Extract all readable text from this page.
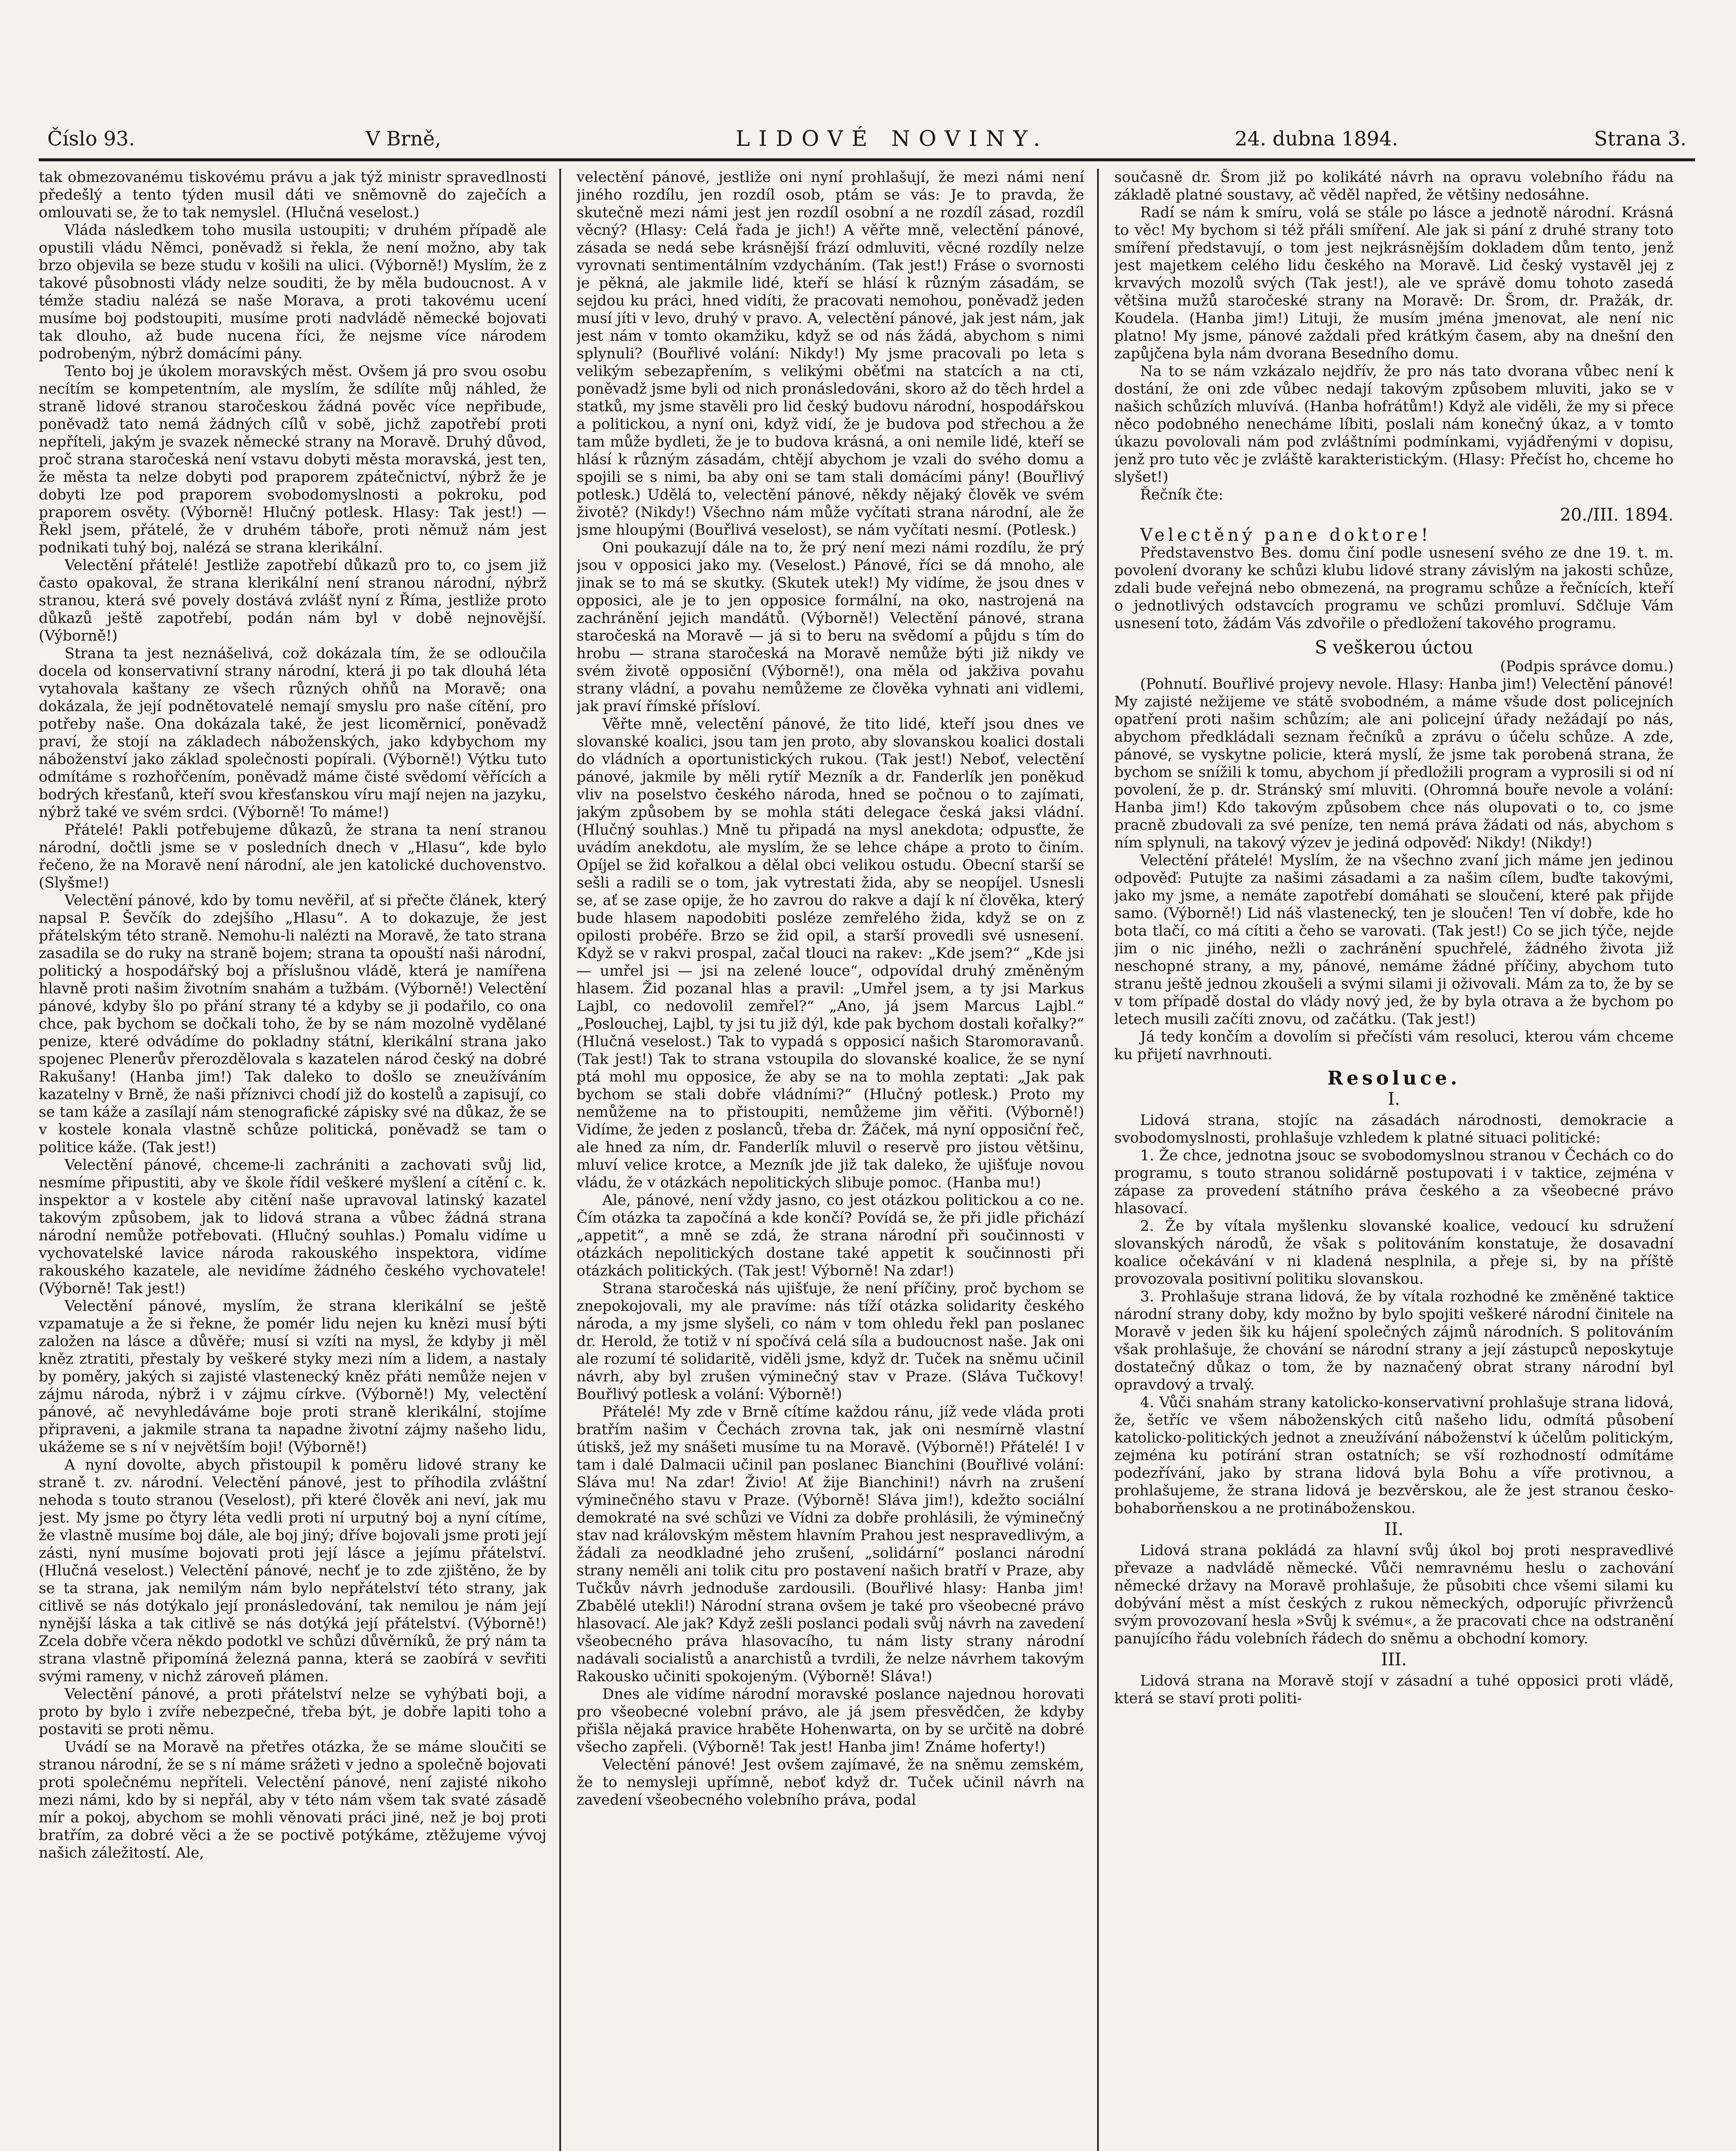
Číslo 93.	V Brně,	LIDOVÉ NOVINY.	24. dubna 1894.	Strana 3.

tak obmezovanému tiskovému právu a jak týž ministr spravedlnosti předešlý a tento týden musil dáti ve sněmovně do zaječích a omlouvati se, že to tak nemyslel. (Hlučná veselost.)

Vláda následkem toho musila ustoupiti; v druhém případě ale opustili vládu Němci, poněvadž si řekla, že není možno, aby tak brzo objevila se beze studu v košili na ulici. (Výborně!) Myslím, že z takové působnosti vlády nelze souditi, že by měla budoucnost. A v témže stadiu nalézá se naše Morava, a proti takovému ucení musíme boj podstoupiti, musíme proti nadvládě německé bojovati tak dlouho, až bude nucena říci, že nejsme více národem podrobeným, nýbrž domácími pány.

Tento boj je úkolem moravských měst. Ovšem já pro svou osobu necítím se kompetentním, ale myslím, že sdílíte můj náhled, že straně lidové stranou staročeskou žádná pověc více nepřibude, poněvadž tato nemá žádných cílů v sobě, jichž zapotřebí proti nepříteli, jakým je svazek německé strany na Moravě. Druhý důvod, proč strana staročeská není vstavu dobyti města moravská, jest ten, že města ta nelze dobyti pod praporem zpátečnictví, nýbrž že je dobyti lze pod praporem svobodomyslnosti a pokroku, pod praporem osvěty. (Výborně! Hlučný potlesk. Hlasy: Tak jest!) — Řekl jsem, přátelé, že v druhém táboře, proti němuž nám jest podnikati tuhý boj, nalézá se strana klerikální.

Velectění přátelé! Jestliže zapotřebí důkazů pro to, co jsem již často opakoval, že strana klerikální není stranou národní, nýbrž stranou, která své povely dostává zvlášť nyní z Říma, jestliže proto důkazů ještě zapotřebí, podán nám byl v době nejnovější. (Výborně!)

Strana ta jest neznášelivá, což dokázala tím, že se odloučila docela od konservativní strany národní, která ji po tak dlouhá léta vytahovala kaštany ze všech různých ohňů na Moravě; ona dokázala, že její podnětovatelé nemají smyslu pro naše cítění, pro potřeby naše. Ona dokázala také, že jest licoměrnicí, poněvadž praví, že stojí na základech náboženských, jako kdybychom my náboženství jako základ společnosti popírali. (Výborně!) Výtku tuto odmítáme s rozhořčením, poněvadž máme čisté svědomí věřících a bodrých křesťanů, kteří svou křesťanskou víru mají nejen na jazyku, nýbrž také ve svém srdci. (Výborně! To máme!)

Přátelé! Pakli potřebujeme důkazů, že strana ta není stranou národní, dočtli jsme se v posledních dnech v „Hlasu“, kde bylo řečeno, že na Moravě není národní, ale jen katolické duchovenstvo. (Slyšme!)

Velectění pánové, kdo by tomu nevěřil, ať si přečte článek, který napsal P. Ševčík do zdejšího „Hlasu“. A to dokazuje, že jest přátelským této straně. Nemohu-li nalézti na Moravě, že tato strana zasadila se do ruky na straně bojem; strana ta opouští naši národní, politický a hospodářský boj a příslušnou vládě, která je namířena hlavně proti našim životním snahám a tužbám. (Výborně!) Velectění pánové, kdyby šlo po přání strany té a kdyby se ji podařilo, co ona chce, pak bychom se dočkali toho, že by se nám mozolně vydělané penize, které odvádíme do pokladny státní, klerikální strana jako spojenec Plenerův přerozdělovala s kazatelen národ český na dobré Rakušany! (Hanba jim!) Tak daleko to došlo se zneužíváním kazatelny v Brně, že naši příznivci chodí již do kostelů a zapisují, co se tam káže a zasílají nám stenografické zápisky své na důkaz, že se v kostele konala vlastně schůze politická, poněvadž se tam o politice káže. (Tak jest!)

Velectění pánové, chceme-li zachrániti a zachovati svůj lid, nesmíme připustiti, aby ve škole řídil veškeré myšlení a cítění c. k. inspektor a v kostele aby citění naše upravoval latinský kazatel takovým způsobem, jak to lidová strana a vůbec žádná strana národní nemůže potřebovati. (Hlučný souhlas.) Pomalu vidíme u vychovatelské lavice národa rakouského inspektora, vidíme rakouského kazatele, ale nevidíme žádného českého vychovatele! (Výborně! Tak jest!)

Velectění pánové, myslím, že strana klerikální se ještě vzpamatuje a že si řekne, že pomér lidu nejen ku knězi musí býti založen na lásce a důvěře; musí si vzíti na mysl, že kdyby ji měl kněz ztratiti, přestaly by veškeré styky mezi ním a lidem, a nastaly by poměry, jakých si zajisté vlastenecký kněz přáti nemůže nejen v zájmu národa, nýbrž i v zájmu církve. (Výborně!) My, velectění pánové, ač nevyhledáváme boje proti straně klerikální, stojíme připraveni, a jakmile strana ta napadne životní zájmy našeho lidu, ukážeme se s ní v největším boji! (Výborně!)

A nyní dovolte, abych přistoupil k poměru lidové strany ke straně t. zv. národní. Velectění pánové, jest to příhodila zvláštní nehoda s touto stranou (Veselost), při které člověk ani neví, jak mu jest. My jsme po čtyry léta vedli proti ní urputný boj a nyní cítíme, že vlastně musíme boj dále, ale boj jiný; dříve bojovali jsme proti její zásti, nyní musíme bojovati proti její lásce a jejímu přátelství. (Hlučná veselost.) Velectění pánové, nechť je to zde zjištěno, že by se ta strana, jak nemilým nám bylo nepřátelství této strany, jak citlivě se nás dotýkalo její pronásledování, tak nemilou je nám její nynější láska a tak citlivě se nás dotýká její přátelství. (Výborně!) Zcela dobře včera někdo podotkl ve schůzi důvěrníků, že prý nám ta strana vlastně připomíná železná panna, která se zaobírá v sevřiti svými rameny, v nichž zároveň plámen.

Velectění pánové, a proti přátelství nelze se vyhýbati boji, a proto by bylo i zvíře nebezpečné, třeba být, je dobře lapiti toho a postaviti se proti němu.

Uvádí se na Moravě na přetřes otázka, že se máme sloučiti se stranou národní, že se s ní máme srážeti v jedno a společně bojovati proti společnému nepříteli. Velectění pánové, není zajisté nikoho mezi námi, kdo by si nepřál, aby v této nám všem tak svaté zásadě mír a pokoj, abychom se mohli věnovati práci jiné, než je boj proti bratřím, za dobré věci a že se poctivě potýkáme, ztěžujeme vývoj našich záležitostí. Ale,

velectění pánové, jestliže oni nyní prohlašují, že mezi námi není jiného rozdílu, jen rozdíl osob, ptám se vás: Je to pravda, že skutečně mezi námi jest jen rozdíl osobní a ne rozdíl zásad, rozdíl věcný? (Hlasy: Celá řada je jich!) A věřte mně, velectění pánové, zásada se nedá sebe krásnější frází odmluviti, věcné rozdíly nelze vyrovnati sentimentálním vzdycháním. (Tak jest!) Fráse o svornosti je pěkná, ale jakmile lidé, kteří se hlásí k různým zásadám, se sejdou ku práci, hned vidíti, že pracovati nemohou, poněvadž jeden musí jíti v levo, druhý v pravo. A, velectění pánové, jak jest nám, jak jest nám v tomto okamžiku, když se od nás žádá, abychom s nimi splynuli? (Bouřlivé volání: Nikdy!) My jsme pracovali po leta s velikým sebezapřením, s velikými oběťmi na statcích a na cti, poněvadž jsme byli od nich pronásledováni, skoro až do těch hrdel a statků, my jsme stavěli pro lid český budovu národní, hospodářskou a politickou, a nyní oni, když vidí, že je budova pod střechou a že tam může bydleti, že je to budova krásná, a oni nemile lidé, kteří se hlásí k různým zásadám, chtějí abychom je vzali do svého domu a spojili se s nimi, ba aby oni se tam stali domácími pány! (Bouřlivý potlesk.) Udělá to, velectění pánové, někdy nějaký člověk ve svém životě? (Nikdy!) Všechno nám může vyčítati strana národní, ale že jsme hloupými (Bouřlivá veselost), se nám vyčítati nesmí. (Potlesk.)

Oni poukazují dále na to, že prý není mezi námi rozdílu, že prý jsou v opposici jako my. (Veselost.) Pánové, říci se dá mnoho, ale jinak se to má se skutky. (Skutek utek!) My vidíme, že jsou dnes v opposici, ale je to jen opposice formální, na oko, nastrojená na zachránění jejich mandátů. (Výborně!) Velectění pánové, strana staročeská na Moravě — já si to beru na svědomí a půjdu s tím do hrobu — strana staročeská na Moravě nemůže býti již nikdy ve svém životě opposiční (Výborně!), ona měla od jakživa povahu strany vládní, a povahu nemůžeme ze člověka vyhnati ani vidlemi, jak praví římské přísloví.

Věřte mně, velectění pánové, že tito lidé, kteří jsou dnes ve slovanské koalici, jsou tam jen proto, aby slovanskou koalici dostali do vládních a oportunistických rukou. (Tak jest!) Neboť, velectění pánové, jakmile by měli rytíř Mezník a dr. Fanderlík jen poněkud vliv na poselstvo českého národa, hned se počnou o to zajímati, jakým způsobem by se mohla státi delegace česká jaksi vládní. (Hlučný souhlas.) Mně tu připadá na mysl anekdota; odpusťte, že uvádím anekdotu, ale myslím, že se lehce chápe a proto to činím. Opíjel se žid kořalkou a dělal obci velikou ostudu. Obecní starší se sešli a radili se o tom, jak vytrestati žida, aby se neopíjel. Usnesli se, ať se zase opije, že ho zavrou do rakve a dají k ní člověka, který bude hlasem napodobiti posléze zemřelého žida, když se on z opilosti probéře. Brzo se žid opil, a starší provedli své usnesení. Když se v rakvi prospal, začal tlouci na rakev: „Kde jsem?“ „Kde jsi — umřel jsi — jsi na zelené louce“, odpovídal druhý změněným hlasem. Žid pozanal hlas a pravil: „Umřel jsem, a ty jsi Markus Lajbl, co nedovolil zemřel?“ „Ano, já jsem Marcus Lajbl.“ „Poslouchej, Lajbl, ty jsi tu již dýl, kde pak bychom dostali kořalky?“ (Hlučná veselost.) Tak to vypadá s opposicí našich Staromoravanů. (Tak jest!) Tak to strana vstoupila do slovanské koalice, že se nyní ptá mohl mu opposice, že aby se na to mohla zeptati: „Jak pak bychom se stali dobře vládními?“ (Hlučný potlesk.) Proto my nemůžeme na to přistoupiti, nemůžeme jim věřiti. (Výborně!) Vidíme, že jeden z poslanců, třeba dr. Žáček, má nyní opposiční řeč, ale hned za ním, dr. Fanderlík mluvil o reservě pro jistou většinu, mluví velice krotce, a Mezník jde již tak daleko, že ujišťuje novou vládu, že v otázkách nepolitických slibuje pomoc. (Hanba mu!)

Ale, pánové, není vždy jasno, co jest otázkou politickou a co ne. Čím otázka ta započíná a kde končí? Povídá se, že při jidle přichází „appetit“, a mně se zdá, že strana národní při součinnosti v otázkách nepolitických dostane také appetit k součinnosti při otázkách politických. (Tak jest! Výborně! Na zdar!)

Strana staročeská nás ujišťuje, že není příčiny, proč bychom se znepokojovali, my ale pravíme: nás tíží otázka solidarity českého národa, a my jsme slyšeli, co nám v tom ohledu řekl pan poslanec dr. Herold, že totiž v ní spočívá celá síla a budoucnost naše. Jak oni ale rozumí té solidaritě, viděli jsme, když dr. Tuček na sněmu učinil návrh, aby byl zrušen výminečný stav v Praze. (Sláva Tučkovy! Bouřlivý potlesk a volání: Výborně!)

Přátelé! My zde v Brně cítíme každou ránu, jíž vede vláda proti bratřím našim v Čechách zrovna tak, jak oni nesmírně vlastní útiskš, jež my snášeti musíme tu na Moravě. (Výborně!) Přátelé! I v tam i dalé Dalmacii učinil pan poslanec Bianchini (Bouřlivé volání: Sláva mu! Na zdar! Živio! Ať žije Bianchini!) návrh na zrušení výminečného stavu v Praze. (Výborně! Sláva jim!), kdežto sociální demokraté na své schůzi ve Vídni za dobře prohlásili, že výminečný stav nad královským městem hlavním Prahou jest nespravedlivým, a žádali za neodkladné jeho zrušení, „solidární“ poslanci národní strany neměli ani tolik citu pro postavení našich bratří v Praze, aby Tučkův návrh jednoduše zardousili. (Bouřlivé hlasy: Hanba jim! Zbabělé utekli!) Národní strana ovšem je také pro všeobecné právo hlasovací. Ale jak? Když zešli poslanci podali svůj návrh na zavedení všeobecného práva hlasovacího, tu nám listy strany národní nadávali socialistů a anarchistů a tvrdili, že nelze návrhem takovým Rakousko učiniti spokojeným. (Výborně! Sláva!)

Dnes ale vidíme národní moravské poslance najednou horovati pro všeobecné volební právo, ale já jsem přesvědčen, že kdyby přišla nějaká pravice hraběte Hohenwarta, on by se určitě na dobré všecho zapřeli. (Výborně! Tak jest! Hanba jim! Známe hoferty!)

Velectění pánové! Jest ovšem zajímavé, že na sněmu zemském, že to nemysleji upřímně, neboť když dr. Tuček učinil návrh na zavedení všeobecného volebního práva, podal

současně dr. Šrom již po kolikáté návrh na opravu volebního řádu na základě platné soustavy, ač věděl napřed, že většiny nedosáhne.

Radí se nám k smíru, volá se stále po lásce a jednotě národní. Krásná to věc! My bychom si též přáli smíření. Ale jak si pání z druhé strany toto smíření představují, o tom jest nejkrásnějším dokladem dům tento, jenž jest majetkem celého lidu českého na Moravě. Lid český vystavěl jej z krvavých mozolů svých (Tak jest!), ale ve správě domu tohoto zasedá většina mužů staročeské strany na Moravě: Dr. Šrom, dr. Pražák, dr. Koudela. (Hanba jim!) Lituji, že musím jména jmenovat, ale není nic platno! My jsme, pánové zaždali před krátkým časem, aby na dnešní den zapůjčena byla nám dvorana Besedního domu.

Na to se nám vzkázalo nejdřív, že pro nás tato dvorana vůbec není k dostání, že oni zde vůbec nedají takovým způsobem mluviti, jako se v našich schůzích mluvívá. (Hanba hofrátům!) Když ale viděli, že my si přece něco podobného nenecháme líbiti, poslali nám konečný úkaz, a v tomto úkazu povolovali nám pod zvláštními podmínkami, vyjádřenými v dopisu, jenž pro tuto věc je zvláště karakteristickým. (Hlasy: Přečíst ho, chceme ho slyšet!)

Řečník čte:

20./III. 1894.

Velectěný pane doktore!

Představenstvo Bes. domu činí podle usnesení svého ze dne 19. t. m. povolení dvorany ke schůzi klubu lidové strany závislým na jakosti schůze, zdali bude veřejná nebo obmezená, na programu schůze a řečnících, kteří o jednotlivých odstavcích programu ve schůzi promluví. Sdčluje Vám usnesení toto, žádám Vás zdvořile o předložení takového programu.

S veškerou úctou
(Podpis správce domu.)

(Pohnutí. Bouřlivé projevy nevole. Hlasy: Hanba jim!) Velectění pánové! My zajisté nežijeme ve státě svobodném, a máme všude dost policejních opatření proti našim schůzím; ale ani policejní úřady nežádají po nás, abychom předkládali seznam řečníků a zprávu o účelu schůze. A zde, pánové, se vyskytne policie, která myslí, že jsme tak porobená strana, že bychom se snížili k tomu, abychom jí předložili program a vyprosili si od ní povolení, že p. dr. Stránský smí mluviti. (Ohromná bouře nevole a volání: Hanba jim!) Kdo takovým způsobem chce nás olupovati o to, co jsme pracně zbudovali za své peníze, ten nemá práva žádati od nás, abychom s ním splynuli, na takový výzev je jediná odpověď: Nikdy! (Nikdy!)

Velectění přátelé! Myslím, že na všechno zvaní jich máme jen jedinou odpověď: Putujte za našimi zásadami a za našim cílem, buďte takovými, jako my jsme, a nemáte zapotřebí domáhati se sloučení, které pak přijde samo. (Výborně!) Lid náš vlastenecký, ten je sloučen! Ten ví dobře, kde ho bota tlačí, co má cítiti a čeho se varovati. (Tak jest!) Co se jich týče, nejde jim o nic jiného, nežli o zachránění spuchřelé, žádného života již neschopné strany, a my, pánové, nemáme žádné příčiny, abychom tuto stranu ještě jednou zkoušeli a svými silami ji oživovali. Mám za to, že by se v tom případě dostal do vlády nový jed, že by byla otrava a že bychom po letech musili začíti znovu, od začátku. (Tak jest!)

Já tedy končím a dovolím si přečísti vám resoluci, kterou vám chceme ku přijetí navrhnouti.

Resoluce.
I.

Lidová strana, stojíc na zásadách národnosti, demokracie a svobodomyslnosti, prohlašuje vzhledem k platné situaci politické:

1. Že chce, jednotna jsouc se svobodomyslnou stranou v Čechách co do programu, s touto stranou solidárně postupovati i v taktice, zejména v zápase za provedení státního práva českého a za všeobecné právo hlasovací.

2. Že by vítala myšlenku slovanské koalice, vedoucí ku sdružení slovanských národů, že však s politováním konstatuje, že dosavadní koalice očekávání v ni kladená nesplnila, a přeje si, by na příště provozovala positivní politiku slovanskou.

3. Prohlašuje strana lidová, že by vítala rozhodné ke změněné taktice národní strany doby, kdy možno by bylo spojiti veškeré národní činitele na Moravě v jeden šik ku hájení společných zájmů národních. S politováním však prohlašuje, že chování se národní strany a její zástupců neposkytuje dostatečný důkaz o tom, že by naznačený obrat strany národní byl opravdový a trvalý.

4. Vůči snahám strany katolicko-konservativní prohlašuje strana lidová, že, šetříc ve všem náboženských citů našeho lidu, odmítá působení katolicko-politických jednot a zneužívání náboženství k účelům politickým, zejména ku potírání stran ostatních; se vší rozhodností odmítáme podezřívání, jako by strana lidová byla Bohu a víře protivnou, a prohlašujeme, že strana lidová je bezvěrskou, ale že jest stranou česko-bohaborňenskou a ne protináboženskou.

II.

Lidová strana pokládá za hlavní svůj úkol boj proti nespravedlivé převaze a nadvládě německé. Vůči nemravnému heslu o zachování německé državy na Moravě prohlašuje, že působiti chce všemi silami ku dobývání měst a míst českých z rukou německých, odporujíc přivrženců svým provozovaní hesla »Svůj k svému«, a že pracovati chce na odstranění panujícího řádu volebních řádech do sněmu a obchodní komory.

III.

Lidová strana na Moravě stojí v zásadní a tuhé opposici proti vládě, která se staví proti politi-
